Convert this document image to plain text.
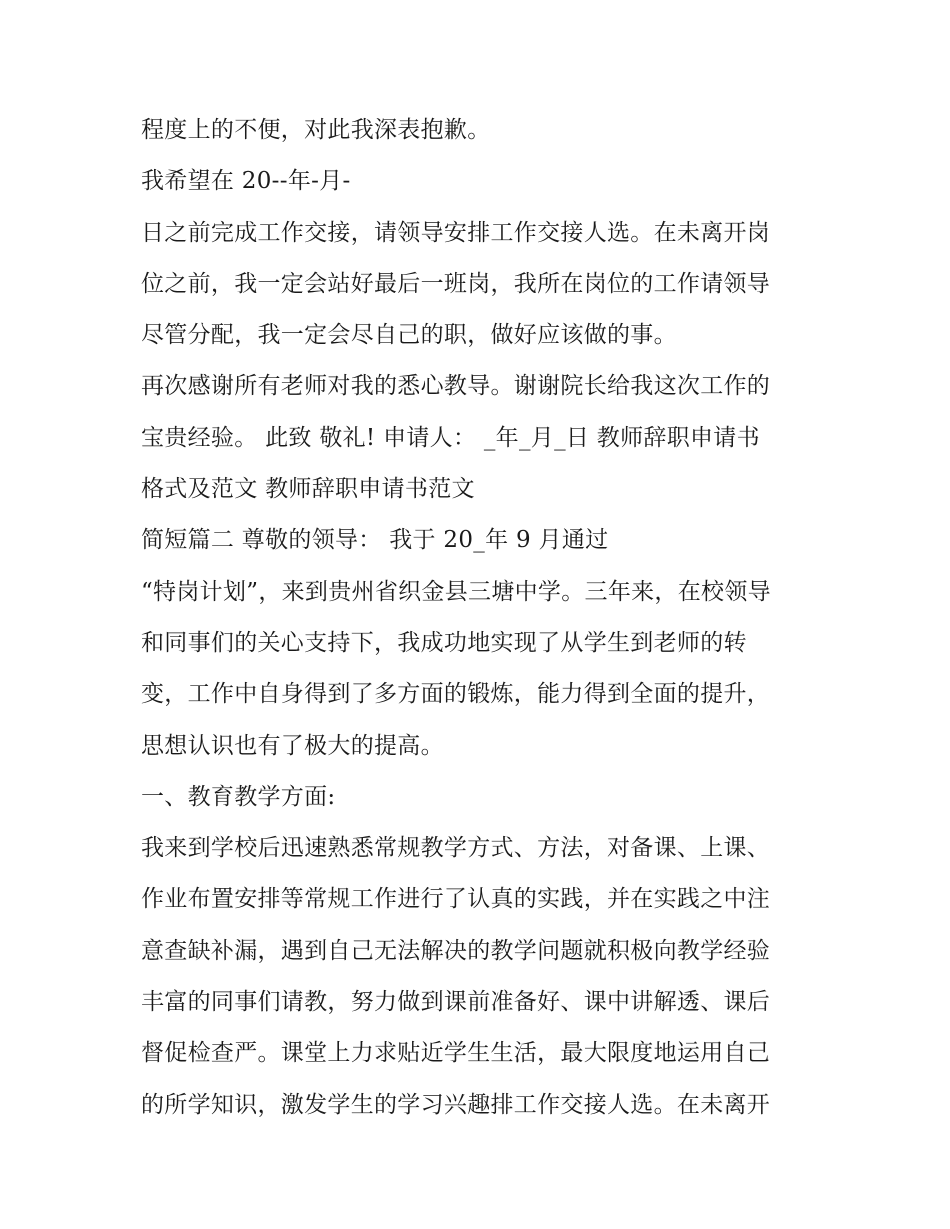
程度上的不便，对此我深表抱歉。
我希望在 20--年-月-
日之前完成工作交接，请领导安排工作交接人选。在未离开岗
位之前，我一定会站好最后一班岗，我所在岗位的工作请领导
尽管分配，我一定会尽自己的职，做好应该做的事。
再次感谢所有老师对我的悉心教导。谢谢院长给我这次工作的
宝贵经验。 此致 敬礼! 申请人： _年_月_日 教师辞职申请书
格式及范文 教师辞职申请书范文
简短篇二 尊敬的领导： 我于 20_年 9 月通过
“特岗计划”，来到贵州省织金县三塘中学。三年来，在校领导
和同事们的关心支持下，我成功地实现了从学生到老师的转
变，工作中自身得到了多方面的锻炼，能力得到全面的提升，
思想认识也有了极大的提高。
一、教育教学方面:
我来到学校后迅速熟悉常规教学方式、方法，对备课、上课、
作业布置安排等常规工作进行了认真的实践，并在实践之中注
意查缺补漏，遇到自己无法解决的教学问题就积极向教学经验
丰富的同事们请教，努力做到课前准备好、课中讲解透、课后
督促检查严。课堂上力求贴近学生生活，最大限度地运用自己
的所学知识，激发学生的学习兴趣排工作交接人选。在未离开
